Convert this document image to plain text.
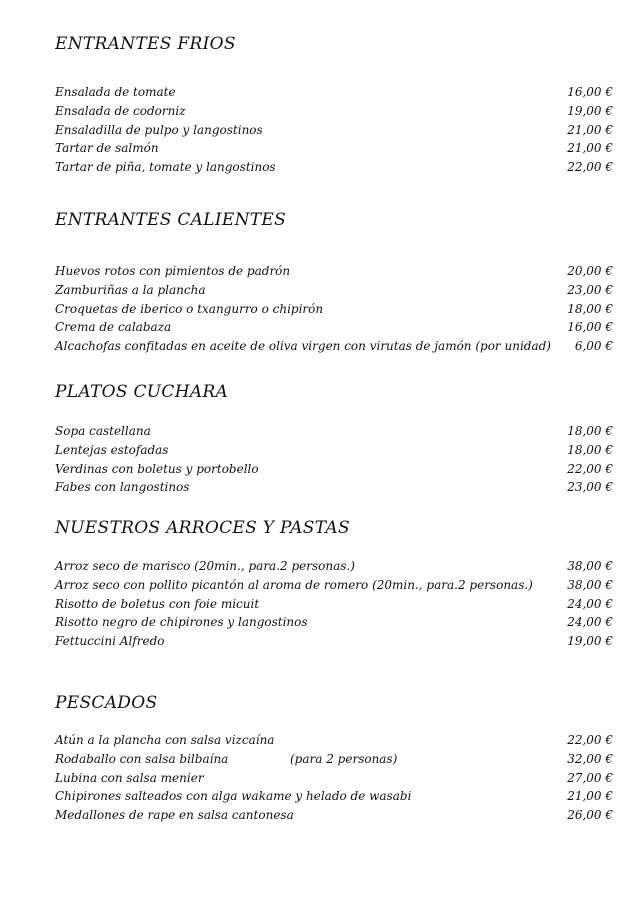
ENTRANTES FRIOS
Ensalada de tomate	16,00 €
Ensalada de codorniz	19,00 €
Ensaladilla de pulpo y langostinos	21,00 €
Tartar de salmón	21,00 €
Tartar de piña, tomate y langostinos	22,00 €
ENTRANTES CALIENTES
Huevos rotos con pimientos de padrón	20,00 €
Zamburiñas a la plancha	23,00 €
Croquetas de iberico o txangurro o chipirón	18,00 €
Crema de calabaza	16,00 €
Alcachofas confitadas en aceite de oliva virgen con virutas de jamón (por unidad) 6,00 €
PLATOS CUCHARA
Sopa castellana	18,00 €
Lentejas estofadas	18,00 €
Verdinas con boletus y portobello	22,00 €
Fabes con langostinos	23,00 €
NUESTROS ARROCES Y PASTAS
Arroz seco de marisco (20min., para.2 personas.)	38,00 €
Arroz seco con pollito picantón al aroma de romero (20min., para.2 personas.)	38,00 €
Risotto de boletus con foie micuit	24,00 €
Risotto negro de chipirones y langostinos	24,00 €
Fettuccini Alfredo	19,00 €
PESCADOS
Atún a la plancha con salsa vizcaína	22,00 €
Rodaballo con salsa bilbaína	(para 2 personas)	32,00 €
Lubina con salsa menier	27,00 €
Chipirones salteados con alga wakame y helado de wasabi	21,00 €
Medallones de rape en salsa cantonesa	26,00 €
